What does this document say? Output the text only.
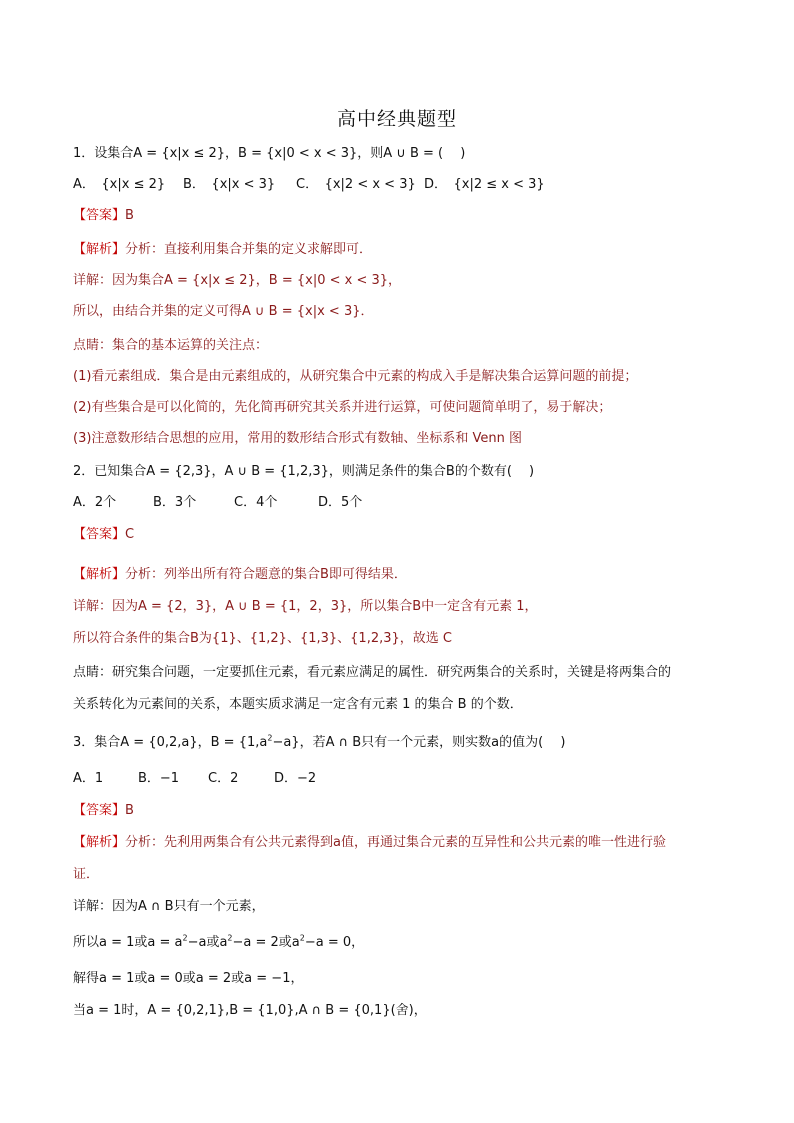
高中经典题型
1．设集合A = {x|x ≤ 2}，B = {x|0 < x < 3}，则A ∪ B = (　 )
A．　{x|x ≤ 2} B．　{x|x < 3} C．　{x|2 < x < 3} D．　{x|2 ≤ x < 3}
【答案】B
【解析】分析：直接利用集合并集的定义求解即可．
详解：因为集合A = {x|x ≤ 2}，B = {x|0 < x < 3}，
所以，由结合并集的定义可得A ∪ B = {x|x < 3}．
点睛：集合的基本运算的关注点：
(1)看元素组成．集合是由元素组成的，从研究集合中元素的构成入手是解决集合运算问题的前提；
(2)有些集合是可以化简的，先化简再研究其关系并进行运算，可使问题简单明了，易于解决；
(3)注意数形结合思想的应用，常用的数形结合形式有数轴、坐标系和 Venn 图
2．已知集合A = {2,3}，A ∪ B = {1,2,3}，则满足条件的集合B的个数有(　 )
A．2个	B．3个	C．4个	D．5个
【答案】C
【解析】分析：列举出所有符合题意的集合B即可得结果．
详解：因为A = {2，3}，A ∪ B = {1，2，3}，所以集合B中一定含有元素 1，
所以符合条件的集合B为{1}、{1,2}、{1,3}、{1,2,3}，故选 C
点睛：研究集合问题，一定要抓住元素，看元素应满足的属性．研究两集合的关系时，关键是将两集合的
关系转化为元素间的关系，本题实质求满足一定含有元素 1 的集合 B 的个数．
3．集合A = {0,2,a}，$B = \{1,a^2-a\}$，若A ∩ B只有一个元素，则实数a的值为(　 )
A．1	B．−1 C．2	D．−2
【答案】B
【解析】分析：先利用两集合有公共元素得到a值，再通过集合元素的互异性和公共元素的唯一性进行验
证．
详解：因为A ∩ B只有一个元素，
所以a = 1或$a = a^2-a$或$a^2-a = 2$或$a^2-a = 0$，
解得a = 1或a = 0或a = 2或a = −1，
当a = 1时，A = {0,2,1},B = {1,0},A ∩ B = {0,1}(舍)，
